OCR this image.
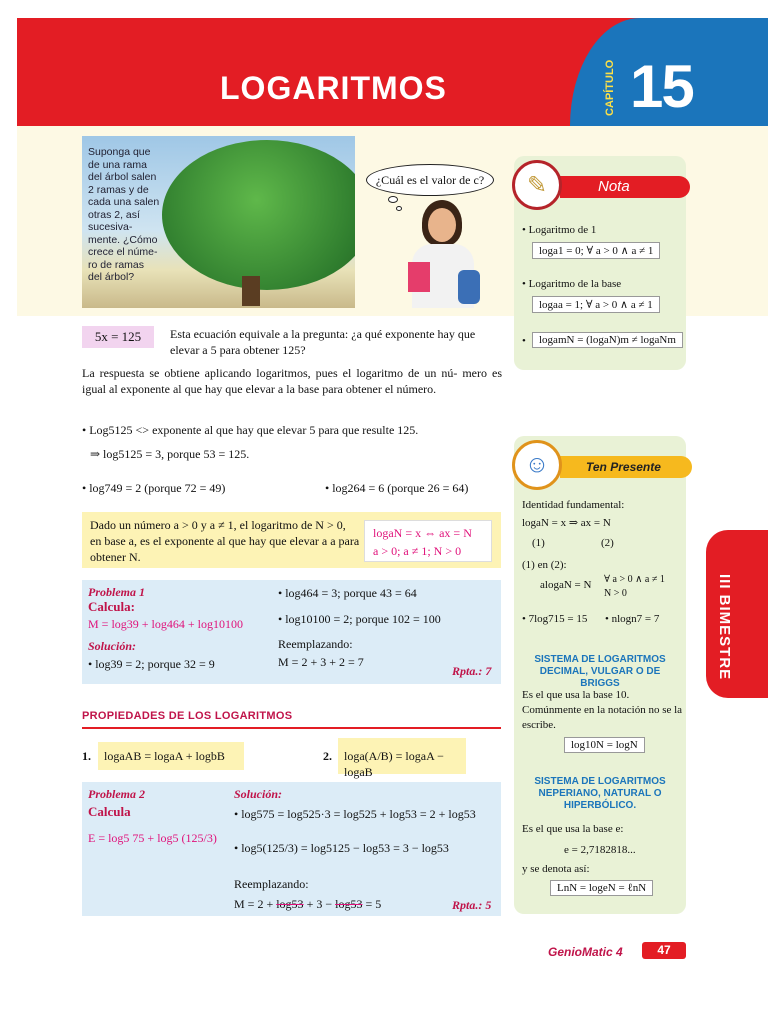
LOGARITMOS	CAPÍTULO 15
Suponga que de una rama del árbol salen 2 ramas y de cada una salen otras 2, así sucesiva- mente. ¿Cómo crece el núme- ro de ramas del árbol?
¿Cuál es el valor de c?
5x = 125 Esta ecuación equivale a la pregunta: ¿a qué exponente hay que elevar a 5 para obtener 125?
La respuesta se obtiene aplicando logaritmos, pues el logaritmo de un nú- mero es igual al exponente al que hay que elevar a la base para obtener el número.
• Log5125 <> exponente al que hay que elevar 5 para que resulte 125.
⇒ log5125 = 3, porque 53 = 125.
• log749 = 2 (porque 72 = 49)	• log264 = 6 (porque 26 = 64)
Dado un número a > 0 y a ≠ 1, el logaritmo de N > 0, en base a, es el exponente al que hay que elevar a a para obtener N.
logaN = x ⇔ ax = N
a > 0; a ≠ 1; N > 0
Problema 1
Calcula:
M = log39 + log464 + log10100
Solución:
• log39 = 2; porque 32 = 9
• log464 = 3; porque 43 = 64
• log10100 = 2; porque 102 = 100
Reemplazando:
M = 2 + 3 + 2 = 7
Rpta.: 7
PROPIEDADES DE LOS LOGARITMOS
1.	logaAB = logaA + logbB	2.	loga(A/B) = logaA − logaB
Problema 2
Calcula
E = log5 75 + log5 (125/3)
Solución:
• log575 = log525·3 = log525 + log53 = 2 + log53
• log5(125/3) = log5125 − log53 = 3 − log53
Reemplazando:
M = 2 + log53 + 3 − log53 = 5	Rpta.: 5
Nota
✎
• Logaritmo de 1
loga1 = 0; ∀ a > 0 ∧ a ≠ 1
• Logaritmo de la base
logaa = 1; ∀ a > 0 ∧ a ≠ 1
•	logamN = (logaN)m ≠ logaNm
Ten Presente
☺
Identidad fundamental:
logaN = x ⇒ ax = N
(1)	(2)
(1) en (2):
alogaN = N ∀ a > 0 ∧ a ≠ 1
N > 0
• 7log715 = 15 • nlogn7 = 7
SISTEMA DE LOGARITMOS DECIMAL, VULGAR O DE BRIGGS
Es el que usa la base 10.
Comúnmente en la notación no se la escribe.
log10N = logN
SISTEMA DE LOGARITMOS NEPERIANO, NATURAL O HIPERBÓLICO.
Es el que usa la base e:
e = 2,7182818...
y se denota así:
LnN = logeN = ℓnN
III BIMESTRE
GenioMatic 4	47
